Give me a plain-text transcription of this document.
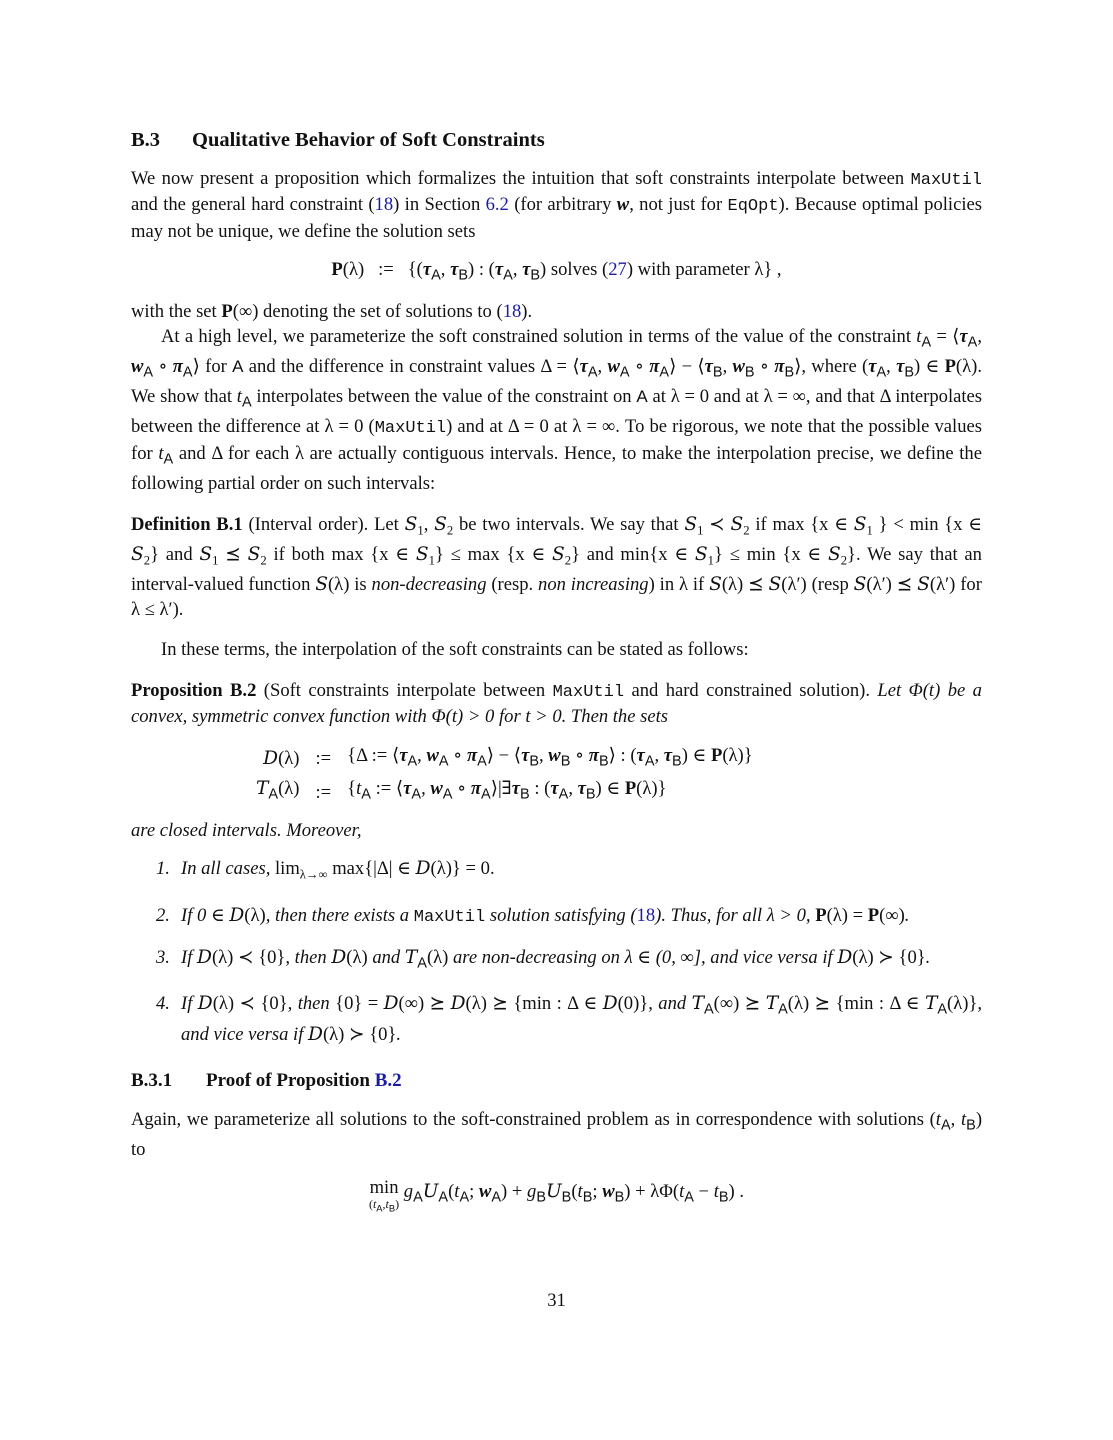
B.3 Qualitative Behavior of Soft Constraints

We now present a proposition which formalizes the intuition that soft constraints interpolate between MaxUtil and the general hard constraint (18) in Section 6.2 (for arbitrary w, not just for EqOpt). Because optimal policies may not be unique, we define the solution sets

P(λ)   :=   {($\tau_A$, $\tau_B$) : ($\tau_A$, $\tau_B$) solves (27) with parameter λ} ,

with the set P(∞) denoting the set of solutions to (18).

At a high level, we parameterize the soft constrained solution in terms of the value of the constraint $t_A$ = $⟨\tau_A$, $w_A$ ∘ $\pi_A⟩$ for A and the difference in constraint values $\Delta = ⟨\tau_A$, $w_A$ ∘ $\pi_A⟩$ − $⟨\tau_B$, $w_B$ ∘ $\pi_B⟩$, where ($\tau_A$, $\tau_B$) ∈ P(λ). We show that $t_A$ interpolates between the value of the constraint on A at λ = 0 and at λ = ∞, and that Δ interpolates between the difference at λ = 0 (MaxUtil) and at Δ = 0 at λ = ∞. To be rigorous, we note that the possible values for $t_A$ and Δ for each λ are actually contiguous intervals. Hence, to make the interpolation precise, we define the following partial order on such intervals:

Definition B.1 (Interval order). Let $S_1$, $S_2$ be two intervals. We say that $S_1$ ≺ $S_2$ if max {x ∈ $S_1$ } < min {x ∈ $S_2$} and $S_1$ ⪯ $S_2$ if both max {x ∈ $S_1\} \le \max \{x$ ∈ $S_2$} and min{x ∈ $S_1\} \le \min \{x$ ∈ $S_2$}. We say that an interval-valued function S(λ) is non-decreasing (resp. non increasing) in λ if S(λ) ⪯ S(λ′) (resp S(λ′) ⪯ S(λ′) for λ ≤ λ′).

In these terms, the interpolation of the soft constraints can be stated as follows:

Proposition B.2 (Soft constraints interpolate between MaxUtil and hard constrained solution). Let Φ(t) be a convex, symmetric convex function with Φ(t) > 0 for t > 0. Then the sets

D(λ)	:=	{Δ := $⟨\tau_A$, $w_A$ ∘ $\pi_A⟩$ − $⟨\tau_B$, $w_B$ ∘ $\pi_B⟩$ : ($\tau_A$, $\tau_B$) ∈ P(λ)}
$T_A(\lambda)$	:=	{$t_A$ := $⟨\tau_A$, $w_A$ ∘ $\pi_A⟩|\exists\tau_B$ : ($\tau_A$, $\tau_B$) ∈ P(λ)}

are closed intervals. Moreover,

1. In all cases, $\lim_{\lambda\to\infty} \max\{|\Delta|$ ∈ D(λ)} = 0.
2. If 0 ∈ D(λ), then there exists a MaxUtil solution satisfying (18). Thus, for all λ > 0, P(λ) = P(∞).
3. If D(λ) ≺ {0}, then D(λ) and $T_A(\lambda)$ are non-decreasing on λ ∈ (0, ∞], and vice versa if D(λ) ≻ {0}.
4. If D(λ) ≺ {0}, then {0} = D(∞) ⪰ D(λ) ⪰ {min : Δ ∈ D(0)}, and $T_A(\infty)$ ⪰ $T_A(\lambda)$ ⪰ {min : Δ ∈ $T_A(\lambda)$}, and vice versa if D(λ) ≻ {0}.
B.3.1 Proof of Proposition B.2

Again, we parameterize all solutions to the soft-constrained problem as in correspondence with solutions ($t_A$, $t_B$) to

min
$(t_A,t_B)$
$g_AU_A(t_A$; $w_A) + g_BU_B(t_B$; $w_B) + \lambda\Phi(t_A - t_B)$ .
31
